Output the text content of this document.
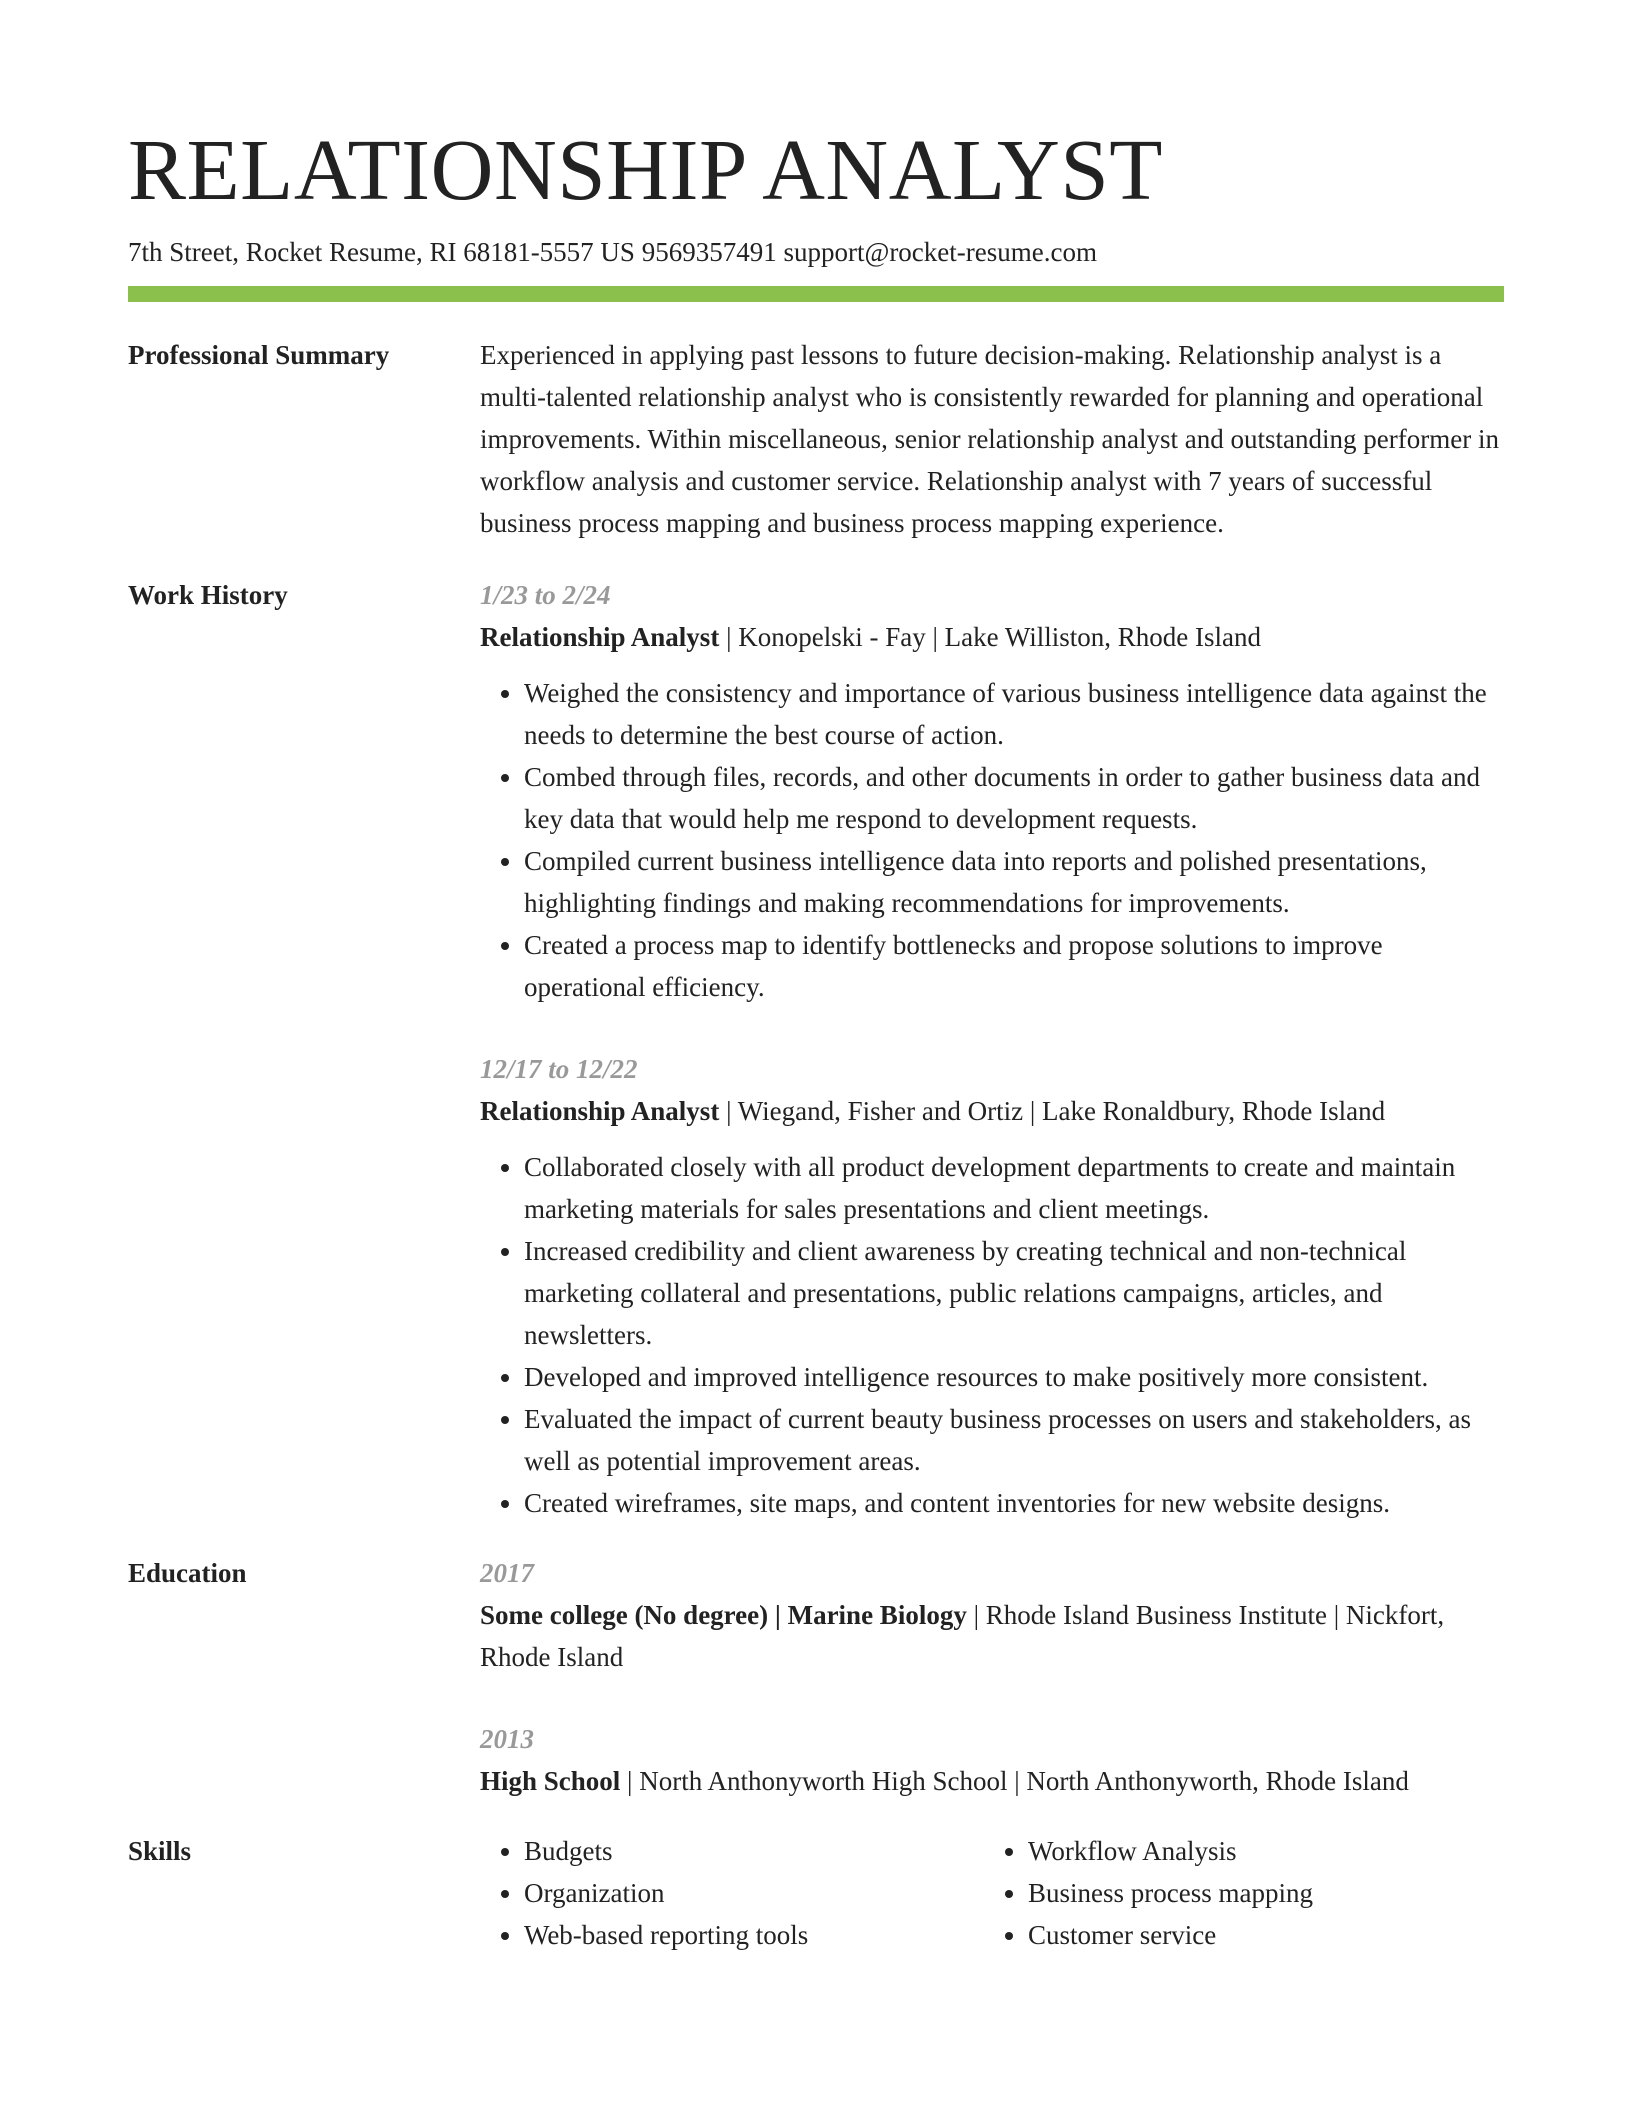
RELATIONSHIP ANALYST
7th Street, Rocket Resume, RI 68181-5557 US 9569357491 support@rocket-resume.com
Professional Summary	Experienced in applying past lessons to future decision-making. Relationship analyst is a multi-talented relationship analyst who is consistently rewarded for planning and operational improvements. Within miscellaneous, senior relationship analyst and outstanding performer in workflow analysis and customer service. Relationship analyst with 7 years of successful business process mapping and business process mapping experience.
Work History	1/23 to 2/24
Relationship Analyst | Konopelski - Fay | Lake Williston, Rhode Island
• Weighed the consistency and importance of various business intelligence data against the needs to determine the best course of action.
• Combed through files, records, and other documents in order to gather business data and key data that would help me respond to development requests.
• Compiled current business intelligence data into reports and polished presentations, highlighting findings and making recommendations for improvements.
• Created a process map to identify bottlenecks and propose solutions to improve operational efficiency.
12/17 to 12/22
Relationship Analyst | Wiegand, Fisher and Ortiz | Lake Ronaldbury, Rhode Island
• Collaborated closely with all product development departments to create and maintain marketing materials for sales presentations and client meetings.
• Increased credibility and client awareness by creating technical and non-technical marketing collateral and presentations, public relations campaigns, articles, and newsletters.
• Developed and improved intelligence resources to make positively more consistent.
• Evaluated the impact of current beauty business processes on users and stakeholders, as well as potential improvement areas.
• Created wireframes, site maps, and content inventories for new website designs.
Education	2017
Some college (No degree) | Marine Biology | Rhode Island Business Institute | Nickfort, Rhode Island
2013
High School | North Anthonyworth High School | North Anthonyworth, Rhode Island
Skills
•	Budgets
• Organization
• Web-based reporting tools
• Workflow Analysis
• Business process mapping
• Customer service
